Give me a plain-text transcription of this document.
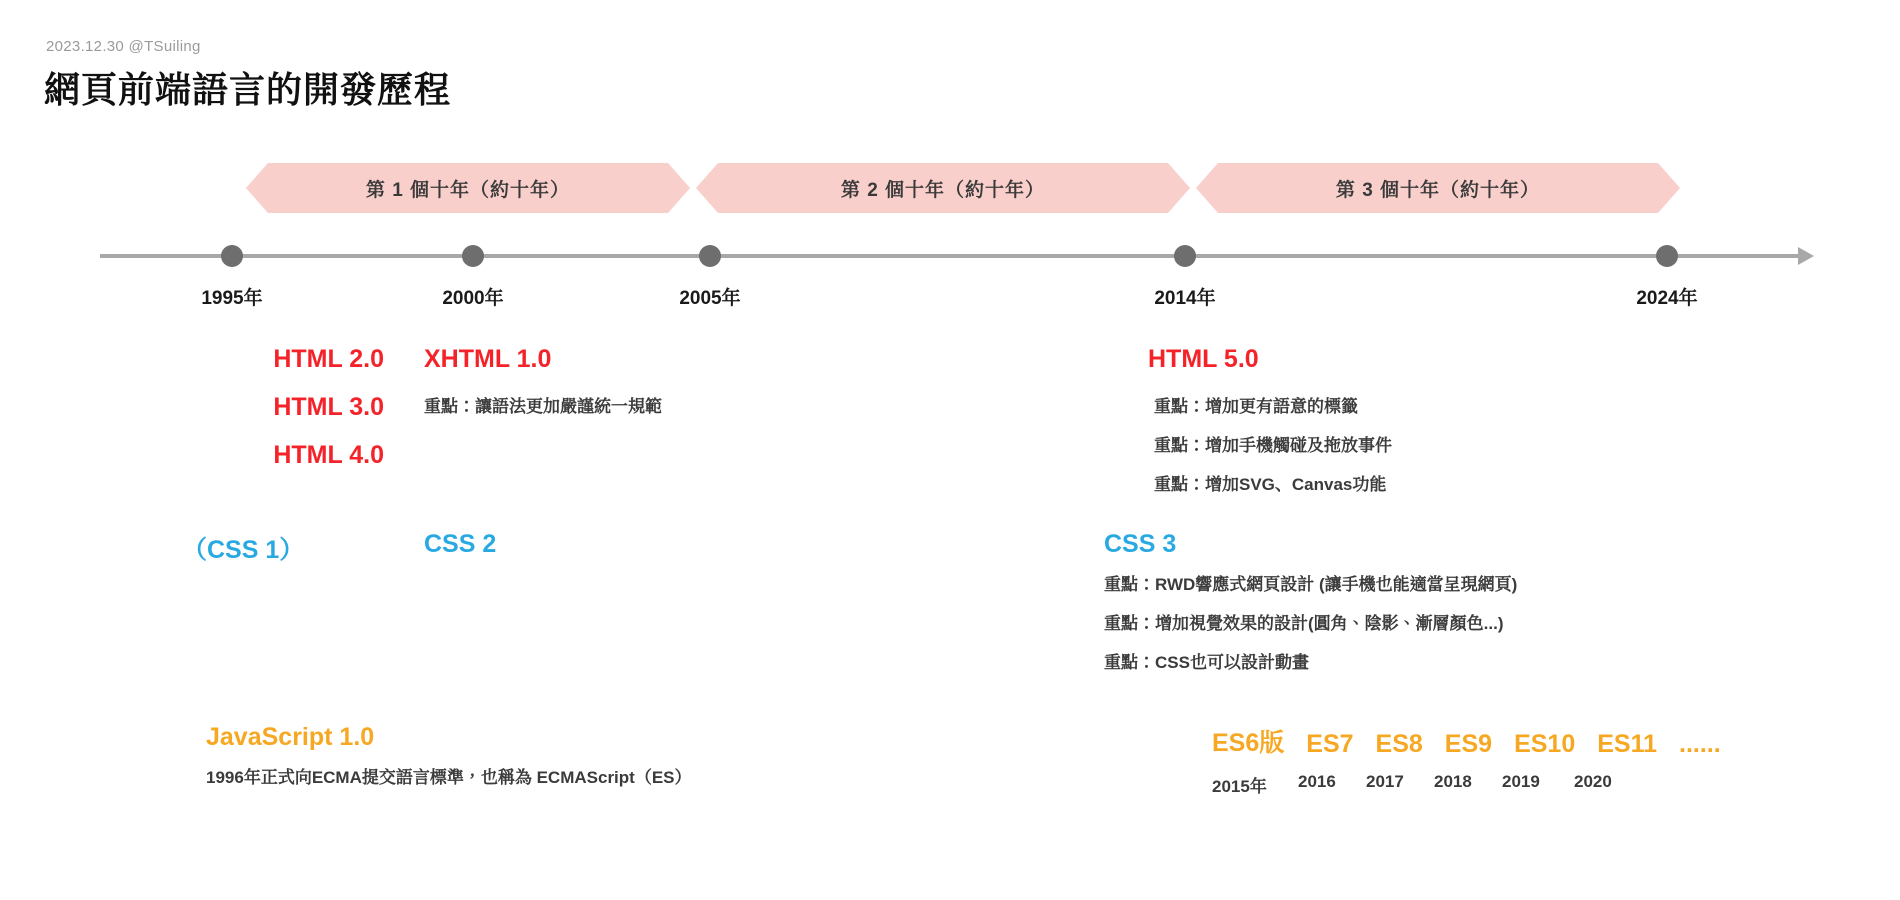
2023.12.30 @TSuiling
網頁前端語言的開發歷程
第 1 個十年（約十年）	第 2 個十年（約十年）	第 3 個十年（約十年）
1995年	2000年	2005年	2014年	2024年
HTML 2.0
HTML 3.0
HTML 4.0
XHTML 1.0
重點：讓語法更加嚴謹統一規範
HTML 5.0
重點：增加更有語意的標籤
重點：增加手機觸碰及拖放事件
重點：增加SVG、Canvas功能
（CSS 1）	CSS 2	CSS 3
重點：RWD響應式網頁設計 (讓手機也能適當呈現網頁)
重點：增加視覺效果的設計(圓角、陰影、漸層顏色...)
重點：CSS也可以設計動畫
JavaScript 1.0
1996年正式向ECMA提交語言標準，也稱為 ECMAScript（ES）
ES6版 ES7 ES8 ES9 ES10 ES11 ......
2015年	2016	2017	2018	2019	2020
